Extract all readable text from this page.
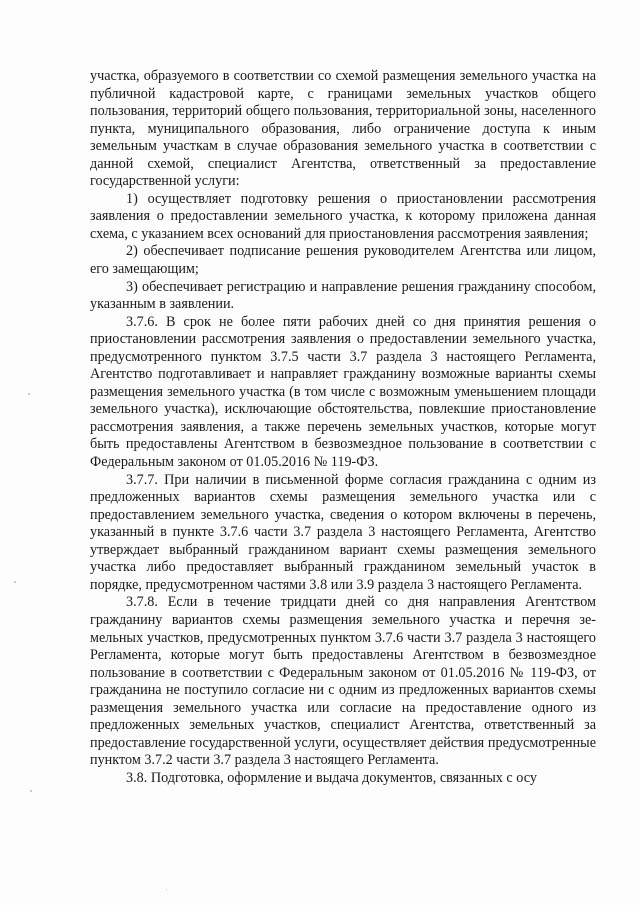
участка, образуемого в соответствии со схемой размещения земельного участка на публичной кадастровой карте, с границами земельных участков общего пользования, территорий общего пользования, территориальной зоны, населенного пункта, муниципального образования, либо ограничение доступа к иным земельным участкам в случае образования земельного участка в соответствии с данной схемой, специалист Агентства, ответственный за предоставление государственной услуги:

1) осуществляет подготовку решения о приостановлении рассмотрения заявления о предоставлении земельного участка, к которому приложена данная схема, с указанием всех оснований для приостановления рассмотрения заявления;

2) обеспечивает подписание решения руководителем Агентства или лицом, его замещающим;

3) обеспечивает регистрацию и направление решения гражданину способом, указанным в заявлении.

3.7.6. В срок не более пяти рабочих дней со дня принятия решения о приостановлении рассмотрения заявления о предоставлении земельного участка, предусмотренного пунктом 3.7.5 части 3.7 раздела 3 настоящего Регламента, Агентство подготавливает и направляет гражданину возможные варианты схемы размещения земельного участка (в том числе с возможным уменьшением площади земельного участка), исключающие обстоятельства, повлекшие приостановление рассмотрения заявления, а также перечень земельных участков, которые могут быть предоставлены Агентством в безвозмездное пользование в соответствии с Федеральным законом от 01.05.2016 № 119-ФЗ.

3.7.7. При наличии в письменной форме согласия гражданина с одним из предложенных вариантов схемы размещения земельного участка или с предоставлением земельного участка, сведения о котором включены в перечень, указанный в пункте 3.7.6 части 3.7 раздела 3 настоящего Регламента, Агентство утверждает выбранный гражданином вариант схемы размещения земельного участка либо предоставляет выбранный гражданином земельный участок в порядке, предусмотренном частями 3.8 или 3.9 раздела 3 настоящего Регламента.

3.7.8. Если в течение тридцати дней со дня направления Агентством гражданину вариантов схемы размещения земельного участка и перечня земельных участков, предусмотренных пунктом 3.7.6 части 3.7 раздела 3 настоящего Регламента, которые могут быть предоставлены Агентством в безвозмездное пользование в соответствии с Федеральным законом от 01.05.2016 № 119-ФЗ, от гражданина не поступило согласие ни с одним из предложенных вариантов схемы размещения земельного участка или согласие на предоставление одного из предложенных земельных участков, специалист Агентства, ответственный за предоставление государственной услуги, осуществляет действия предусмотренные пунктом 3.7.2 части 3.7 раздела 3 настоящего Регламента.

3.8. Подготовка, оформление и выдача документов, связанных с осу
